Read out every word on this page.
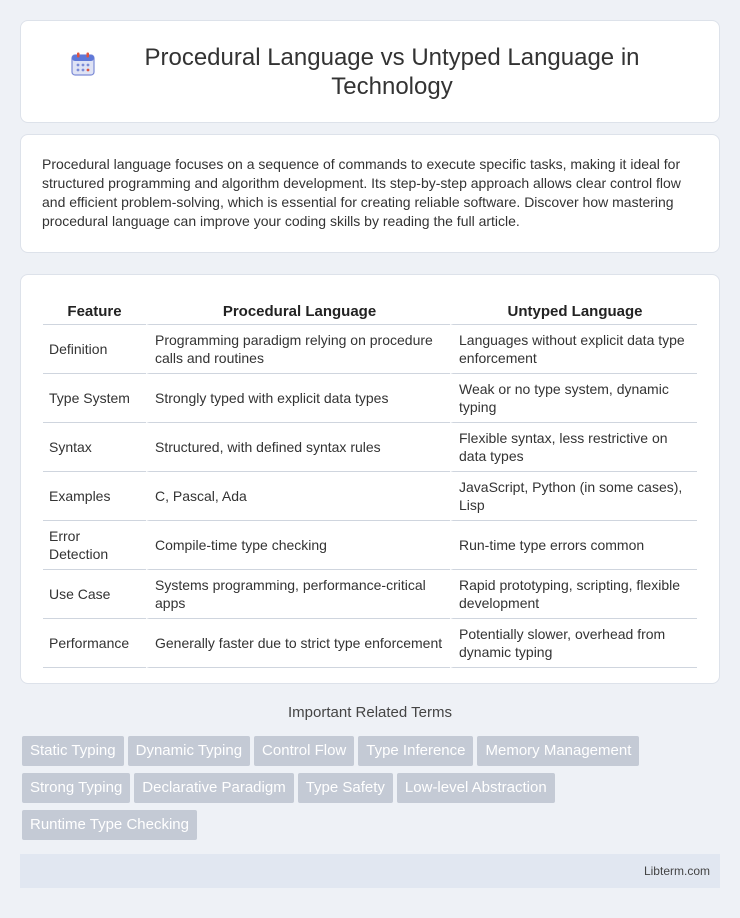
Procedural Language vs Untyped Language in Technology

Procedural language focuses on a sequence of commands to execute specific tasks, making it ideal for structured programming and algorithm development. Its step-by-step approach allows clear control flow and efficient problem-solving, which is essential for creating reliable software. Discover how mastering procedural language can improve your coding skills by reading the full article.

Feature	Procedural Language	Untyped Language
Definition	Programming paradigm relying on procedure calls and routines	Languages without explicit data type enforcement
Type System	Strongly typed with explicit data types	Weak or no type system, dynamic typing
Syntax	Structured, with defined syntax rules	Flexible syntax, less restrictive on data types
Examples	C, Pascal, Ada	JavaScript, Python (in some cases), Lisp
Error Detection	Compile-time type checking	Run-time type errors common
Use Case	Systems programming, performance-critical apps	Rapid prototyping, scripting, flexible development
Performance	Generally faster due to strict type enforcement	Potentially slower, overhead from dynamic typing
Important Related Terms
Static Typing Dynamic Typing Control Flow Type Inference Memory ManagementStrong Typing Declarative Paradigm Type Safety Low-level AbstractionRuntime Type Checking
Libterm.com
